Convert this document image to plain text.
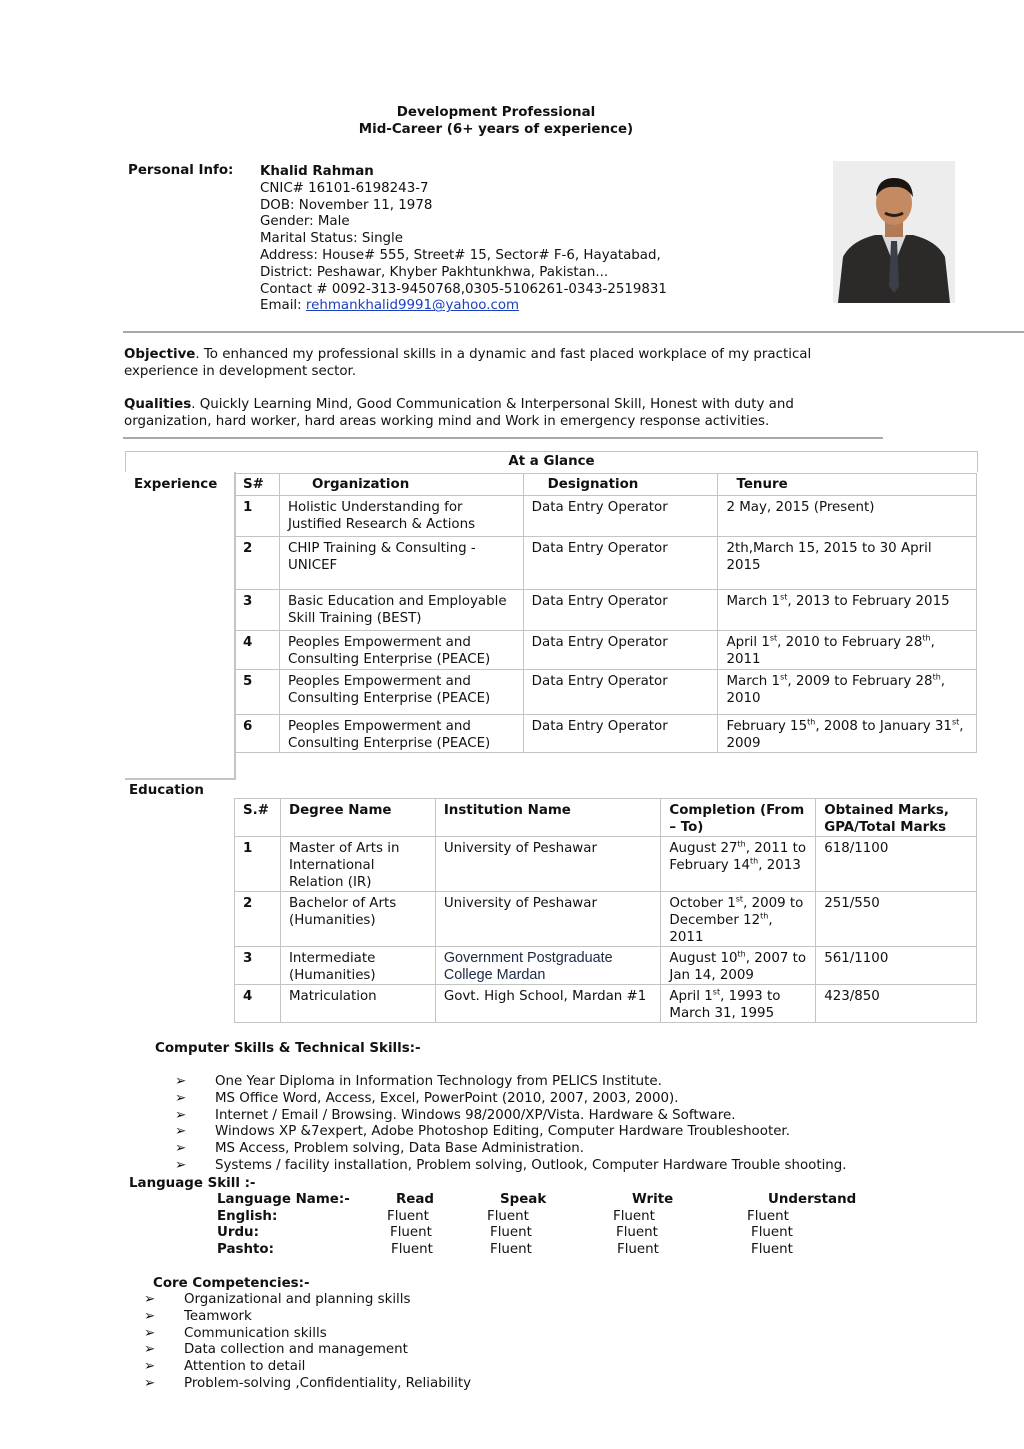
Development Professional
Mid-Career (6+ years of experience)
Personal Info: Khalid Rahman
CNIC# 16101-6198243-7
DOB: November 11, 1978
Gender: Male
Marital Status: Single
Address: House# 555, Street# 15, Sector# F-6, Hayatabad,
District: Peshawar, Khyber Pakhtunkhwa, Pakistan...
Contact # 0092-313-9450768,0305-5106261-0343-2519831
Email: rehmankhalid9991@yahoo.com
Objective. To enhanced my professional skills in a dynamic and fast placed workplace of my practical experience in development sector.
Qualities. Quickly Learning Mind, Good Communication & Interpersonal Skill, Honest with duty and organization, hard worker, hard areas working mind and Work in emergency response activities.
At a Glance
Experience S#	Organization	Designation	Tenure
1	Holistic Understanding for Justified Research & Actions	Data Entry Operator	2 May, 2015 (Present)
2	CHIP Training & Consulting - UNICEF	Data Entry Operator	2th,March 15, 2015 to 30 April 2015
3	Basic Education and Employable Skill Training (BEST)	Data Entry Operator	March 1st, 2013 to February 2015
4	Peoples Empowerment and Consulting Enterprise (PEACE)	Data Entry Operator	April 1st, 2010 to February 28th, 2011
5	Peoples Empowerment and Consulting Enterprise (PEACE)	Data Entry Operator	March 1st, 2009 to February 28th, 2010
6	Peoples Empowerment and Consulting Enterprise (PEACE)	Data Entry Operator	February 15th, 2008 to January 31st, 2009
Education
S.#	Degree Name	Institution Name	Completion (From – To)	Obtained Marks, GPA/Total Marks
1	Master of Arts in International Relation (IR)	University of Peshawar	August 27th, 2011 to February 14th, 2013	618/1100
2	Bachelor of Arts (Humanities)	University of Peshawar	October 1st, 2009 to December 12th, 2011	251/550
3	Intermediate (Humanities)	Government Postgraduate College Mardan	August 10th, 2007 to Jan 14, 2009	561/1100
4	Matriculation	Govt. High School, Mardan #1	April 1st, 1993 to March 31, 1995	423/850
Computer Skills & Technical Skills:-
➢ One Year Diploma in Information Technology from PELICS Institute.
➢ MS Office Word, Access, Excel, PowerPoint (2010, 2007, 2003, 2000).
➢ Internet / Email / Browsing. Windows 98/2000/XP/Vista. Hardware & Software.
➢ Windows XP &7expert, Adobe Photoshop Editing, Computer Hardware Troubleshooter.
➢ MS Access, Problem solving, Data Base Administration.
➢ Systems / facility installation, Problem solving, Outlook, Computer Hardware Trouble shooting.
Language Skill :-
Language Name:-	Read	Speak	Write	Understand
English:	Fluent	Fluent	Fluent	Fluent
Urdu:	Fluent	Fluent	Fluent	Fluent
Pashto:	Fluent	Fluent	Fluent	Fluent
Core Competencies:-
➢ Organizational and planning skills
➢ Teamwork
➢ Communication skills
➢ Data collection and management
➢ Attention to detail
➢ Problem-solving ,Confidentiality, Reliability
